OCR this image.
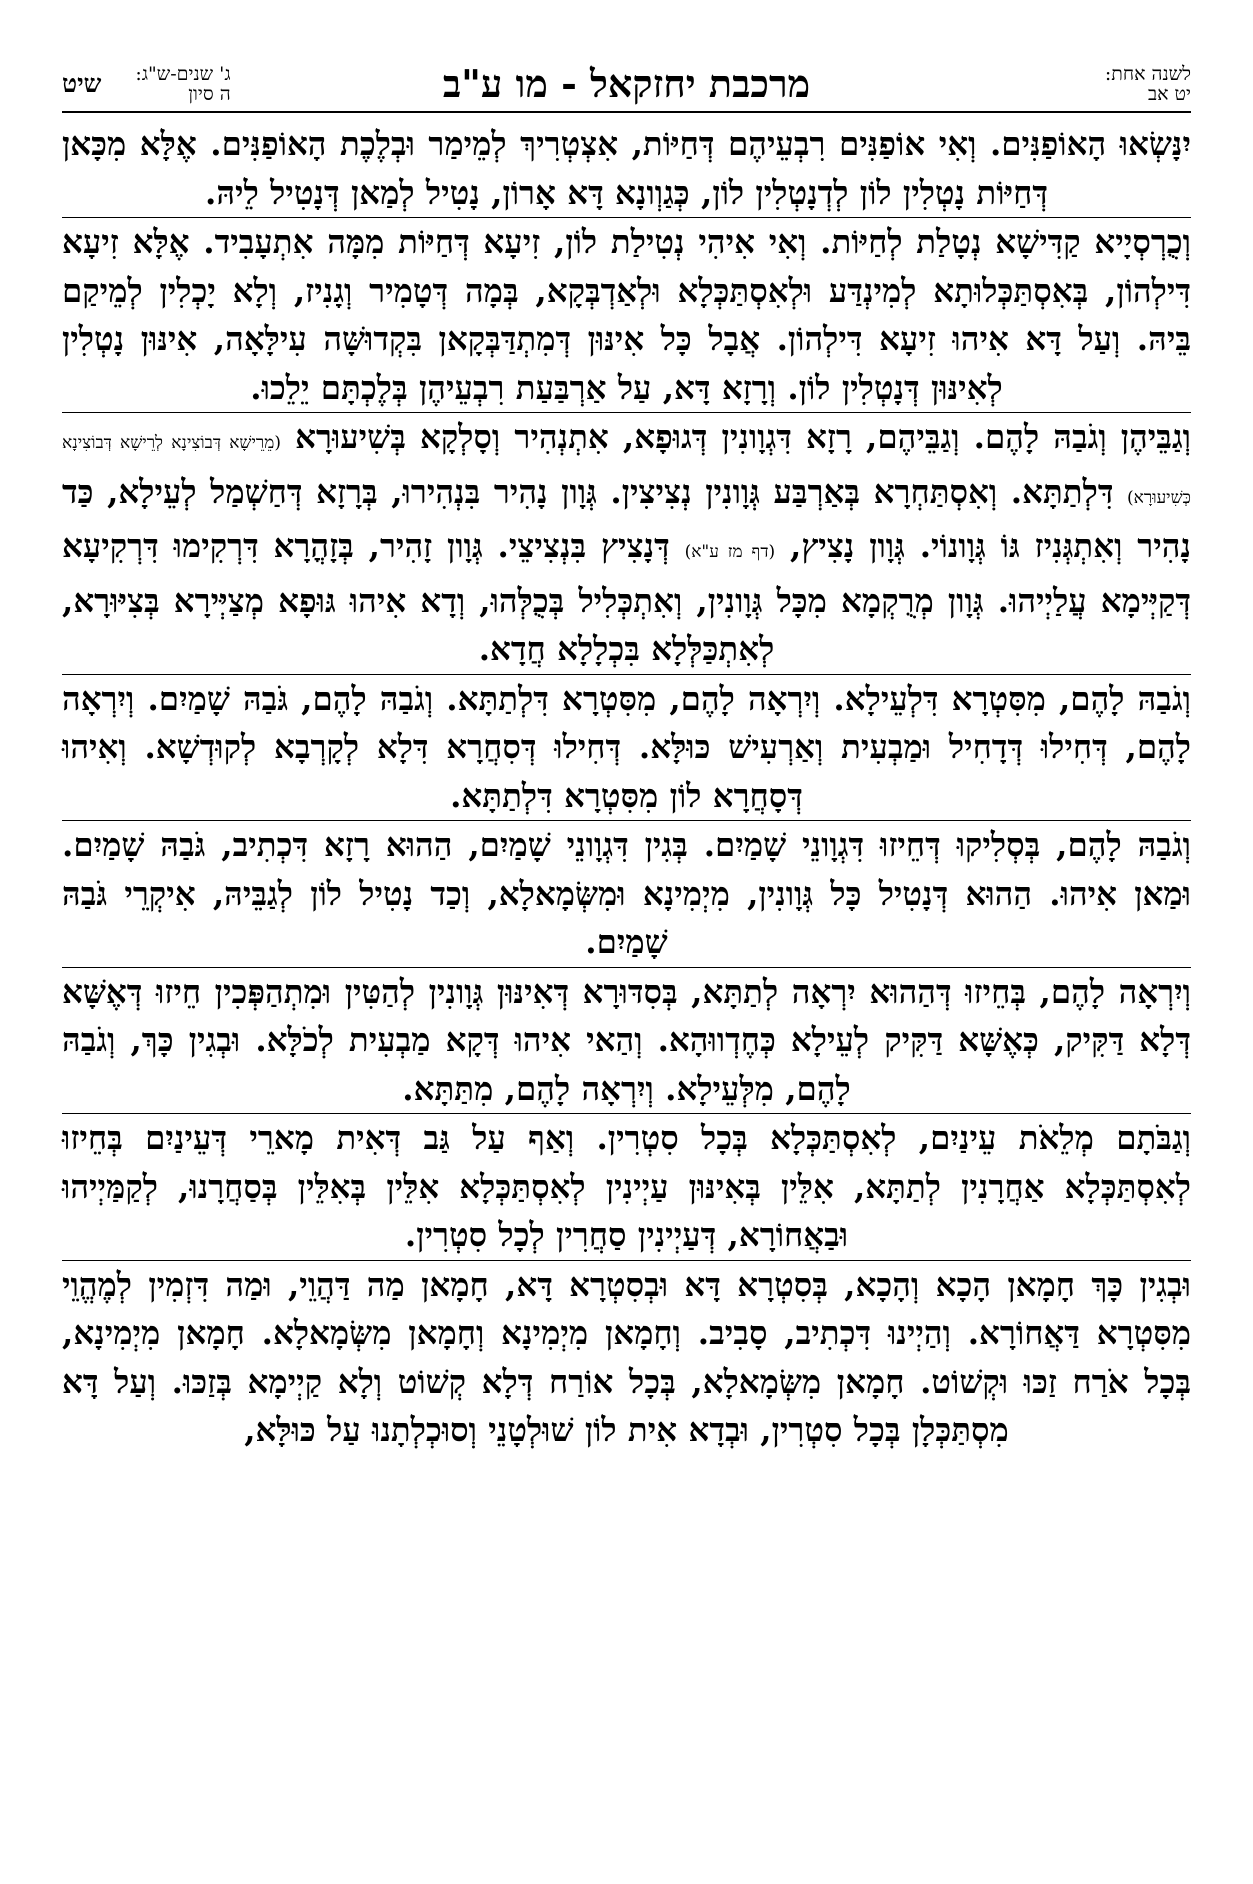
לשנה אחת:
יט אב
מרכבת יחזקאל - מו ע"ב
שיט ג' שנים-ש"ג:
ה סיון

יִנָּשְׂאוּ הָאוֹפַנִּים. וְאִי אוֹפַנִּים רִבְעֵיהֶם דְּחַיּוֹת, אִצְטְרִיךְ לְמֵימַר וּבְלֶכֶת הָאוֹפַנִּים. אֶלָּא מִכָּאן דְּחַיּוֹת נָטְלִין לוֹן לְדְנָטְלִין לוֹן, כְּגַוְונָא דָּא אָרוֹן, נָטִיל לְמַאן דְּנָטִיל לֵיהּ.

וְכֻרְסְיָיא קַדִּישָׁא נְטָלַת לְחַיּוֹת. וְאִי אִיהִי נְטִילַת לוֹן, זִיעָא דְּחַיּוֹת מִמָּה אִתְעָבִיד. אֶלָּא זִיעָא דִּילְהוֹן, בְּאִסְתַּכְּלוּתָא לְמִינְדַּע וּלְאִסְתַּכְּלָא וּלְאַדְבְּקָא, בְּמָה דְּטָמִיר וְגָנִיז, וְלָא יָכְלִין לְמֵיקַם בֵּיהּ. וְעַל דָּא אִיהוּ זִיעָא דִּילְהוֹן. אֲבָל כָּל אִינּוּן דְּמִתְדַּבְּקָאן בִּקְדוּשָּׁה עִילָּאָה, אִינּוּן נָטְלִין לְאִינּוּן דְּנָטְלִין לוֹן. וְרָזָא דָּא, עַל אַרְבַּעַת רִבְעֵיהֶן בְּלֶכְתָּם יֵלֵכוּ.

וְגַבֵּיהֶן וְגֹבַהּ לָהֶם. וְגַבֵּיהֶם, רָזָא דִּגְוָונִין דְּגוּפָא, אִתְנְהִיר וְסָלְקָא בְּשִׁיעוּרָא (מֵרֵישָׁא דְּבוֹצִינָא לְרֵישָׁא דְּבוֹצִינָא כְּשִׁיעוּרָא) דִּלְתַתָּא. וְאִסְתַּחְרָא בְּאַרְבַּע גְּוָונִין נְצִיצִין. גְּוָון נָהִיר בִּנְהִירוּ, בְּרָזָא דְּחַשְׁמַל לְעֵילָא, כַּד נָהִיר וְאִתְגְּנִיז גּוֹ גְּוָונוֹי. גְּוָון נָצִיץ, (דף מז ע"א) דְּנָצִיץ בִּנְצִיצֵי. גְּוָון זָהִיר, בְּזָהֳרָא דִּרְקִימוּ דִּרְקִיעָא דְּקַיְּימָא עֲלַיְיהוּ. גְּוָון מְרֻקְמָא מִכָּל גְּוָונִין, וְאִתְכְּלִיל בְּכֻלְּהוּ, וְדָא אִיהוּ גּוּפָא מְצַיְּירָא בְּצִיּוּרָא, לְאִתְכַּלְּלָא בִּכְלָלָא חֲדָא.

וְגֹבַהּ לָהֶם, מִסִּטְרָא דִּלְעֵילָא. וְיִרְאָה לָהֶם, מִסִּטְרָא דִּלְתַתָּא. וְגֹבַהּ לָהֶם, גֹּבַהּ שָׁמַיִם. וְיִרְאָה לָהֶם, דְּחִילוּ דְּדָחִיל וּמַבְעִית וְאַרְעִישׁ כּוּלָּא. דְּחִילוּ דְּסִחֲרָא דִּלָא לְקָרְבָא לְקוּדְשָׁא. וְאִיהוּ דְּסָחֲרָא לוֹן מִסִּטְרָא דִּלְתַתָּא.

וְגֹבַהּ לָהֶם, בְּסְלִיקוּ דְּחֵיזוּ דִּגְוָונֵי שָׁמַיִם. בְּגִין דִּגְוָונֵי שָׁמַיִם, הַהוּא רָזָא דִּכְתִיב, גֹּבַהּ שָׁמַיִם. וּמַאן אִיהוּ. הַהוּא דְּנָטִיל כָּל גְּוָונִין, מִיְמִינָא וּמִשְּׂמָאלָא, וְכַד נָטִיל לוֹן לְגַבֵּיהּ, אִיקְרֵי גֹּבַהּ שָׁמַיִם.

וְיִרְאָה לָהֶם, בְּחֵיזוּ דְּהַהוּא יִרְאָה לְתַתָּא, בְּסִדּוּרָא דְּאִינּוּן גְּוָונִין לְהַטִּין וּמִתְהַפְּכִין חֵיזוּ דְּאֶשָּׁא דְּלָא דַּקִּיק, כְּאֶשָּׁא דַּקִּיק לְעֵילָא כְּחֶדְווּהָא. וְהַאי אִיהוּ דְּקָא מַבְעִית לְכֹלָּא. וּבְגִין כָּךְ, וְגֹבַהּ לָהֶם, מִלְּעֵילָא. וְיִרְאָה לָהֶם, מִתַּתָּא.

וְגַבֹּתָם מְלֵאֹת עֵינַיִם, לְאִסְתַּכְּלָא בְּכָל סִטְרִין. וְאַף עַל גַּב דְּאִית מָארֵי דְּעֵינַיִם בְּחֵיזוּ לְאִסְתַּכְּלָא אַחֲרָנִין לְתַתָּא, אִלֵּין בְּאִינּוּן עַיְינִין לְאִסְתַּכְּלָא אִלֵּין בְּאִלֵּין בְּסַחֲרָנוּ, לְקַמַּיְיהוּ וּבַאֲחוֹרָא, דְּעַיְינִין סַחֲרִין לְכָל סִטְרִין.

וּבְגִין כָּךְ חָמָאן הָכָא וְהָכָא, בְּסִטְרָא דָּא וּבְסִטְרָא דָּא, חָמָאן מַה דַּהֲוֵי, וּמַה דִּזְמִין לְמֶהֱוֵי מִסִּטְרָא דַּאֲחוֹרָא. וְהַיְינוּ דִּכְתִיב, סָבִיב. וְחָמָאן מִיְמִינָא וְחָמָאן מִשְּׂמָאלָא. חָמָאן מִיְמִינָא, בְּכָל אֹרַח זַכּוּ וּקְשׁוֹט. חָמָאן מִשְּׂמָאלָא, בְּכָל אוֹרַח דְּלָא קְשׁוֹט וְלָא קַיְימָא בְּזַכּוּ. וְעַל דָּא מִסְתַּכְּלָן בְּכָל סִטְרִין, וּבְדָא אִית לוֹן שׁוּלְטָנֵי וְסוּכְלְתָנוּ עַל כּוּלָּא,
